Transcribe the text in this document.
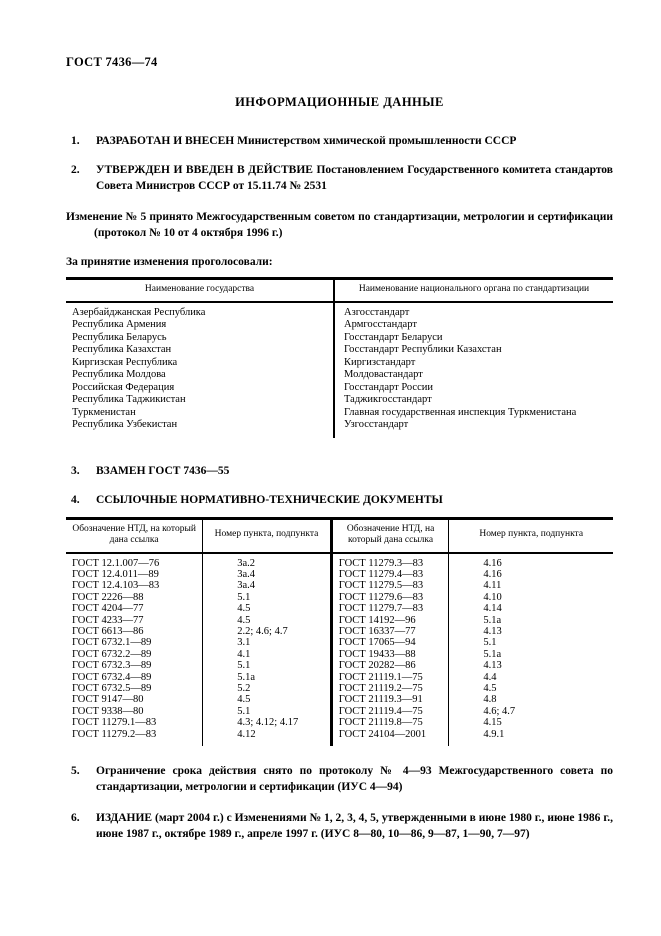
ГОСТ 7436—74
ИНФОРМАЦИОННЫЕ ДАННЫЕ
1. РАЗРАБОТАН И ВНЕСЕН Министерством химической промышленности СССР
2. УТВЕРЖДЕН И ВВЕДЕН В ДЕЙСТВИЕ Постановлением Государственного комитета стандартов Совета Министров СССР от 15.11.74 № 2531
Изменение № 5 принято Межгосударственным советом по стандартизации, метрологии и сертификации (протокол № 10 от 4 октября 1996 г.)
За принятие изменения проголосовали:
Наименование государства	Наименование национального органа по стандартизации
Азербайджанская Республика	Азгосстандарт
Республика Армения	Армгосстандарт
Республика Беларусь	Госстандарт Беларуси
Республика Казахстан	Госстандарт Республики Казахстан
Киргизская Республика	Киргизстандарт
Республика Молдова	Молдовастандарт
Российская Федерация	Госстандарт России
Республика Таджикистан	Таджикгосстандарт
Туркменистан	Главная государственная инспекция Туркменистана
Республика Узбекистан	Узгосстандарт
3. ВЗАМЕН ГОСТ 7436—55
4. ССЫЛОЧНЫЕ НОРМАТИВНО-ТЕХНИЧЕСКИЕ ДОКУМЕНТЫ
Обозначение НТД, на который дана ссылка	Номер пункта, подпункта	Обозначение НТД, на который дана ссылка	Номер пункта, подпункта
ГОСТ 12.1.007—76	3а.2	ГОСТ 11279.3—83	4.16
ГОСТ 12.4.011—89	3а.4	ГОСТ 11279.4—83	4.16
ГОСТ 12.4.103—83	3а.4	ГОСТ 11279.5—83	4.11
ГОСТ 2226—88	5.1	ГОСТ 11279.6—83	4.10
ГОСТ 4204—77	4.5	ГОСТ 11279.7—83	4.14
ГОСТ 4233—77	4.5	ГОСТ 14192—96	5.1а
ГОСТ 6613—86	2.2; 4.6; 4.7	ГОСТ 16337—77	4.13
ГОСТ 6732.1—89	3.1	ГОСТ 17065—94	5.1
ГОСТ 6732.2—89	4.1	ГОСТ 19433—88	5.1а
ГОСТ 6732.3—89	5.1	ГОСТ 20282—86	4.13
ГОСТ 6732.4—89	5.1а	ГОСТ 21119.1—75	4.4
ГОСТ 6732.5—89	5.2	ГОСТ 21119.2—75	4.5
ГОСТ 9147—80	4.5	ГОСТ 21119.3—91	4.8
ГОСТ 9338—80	5.1	ГОСТ 21119.4—75	4.6; 4.7
ГОСТ 11279.1—83	4.3; 4.12; 4.17	ГОСТ 21119.8—75	4.15
ГОСТ 11279.2—83	4.12	ГОСТ 24104—2001	4.9.1
5. Ограничение срока действия снято по протоколу № 4—93 Межгосударственного совета по стандартизации, метрологии и сертификации (ИУС 4—94)
6. ИЗДАНИЕ (март 2004 г.) с Изменениями № 1, 2, 3, 4, 5, утвержденными в июне 1980 г., июне 1986 г., июне 1987 г., октябре 1989 г., апреле 1997 г. (ИУС 8—80, 10—86, 9—87, 1—90, 7—97)
